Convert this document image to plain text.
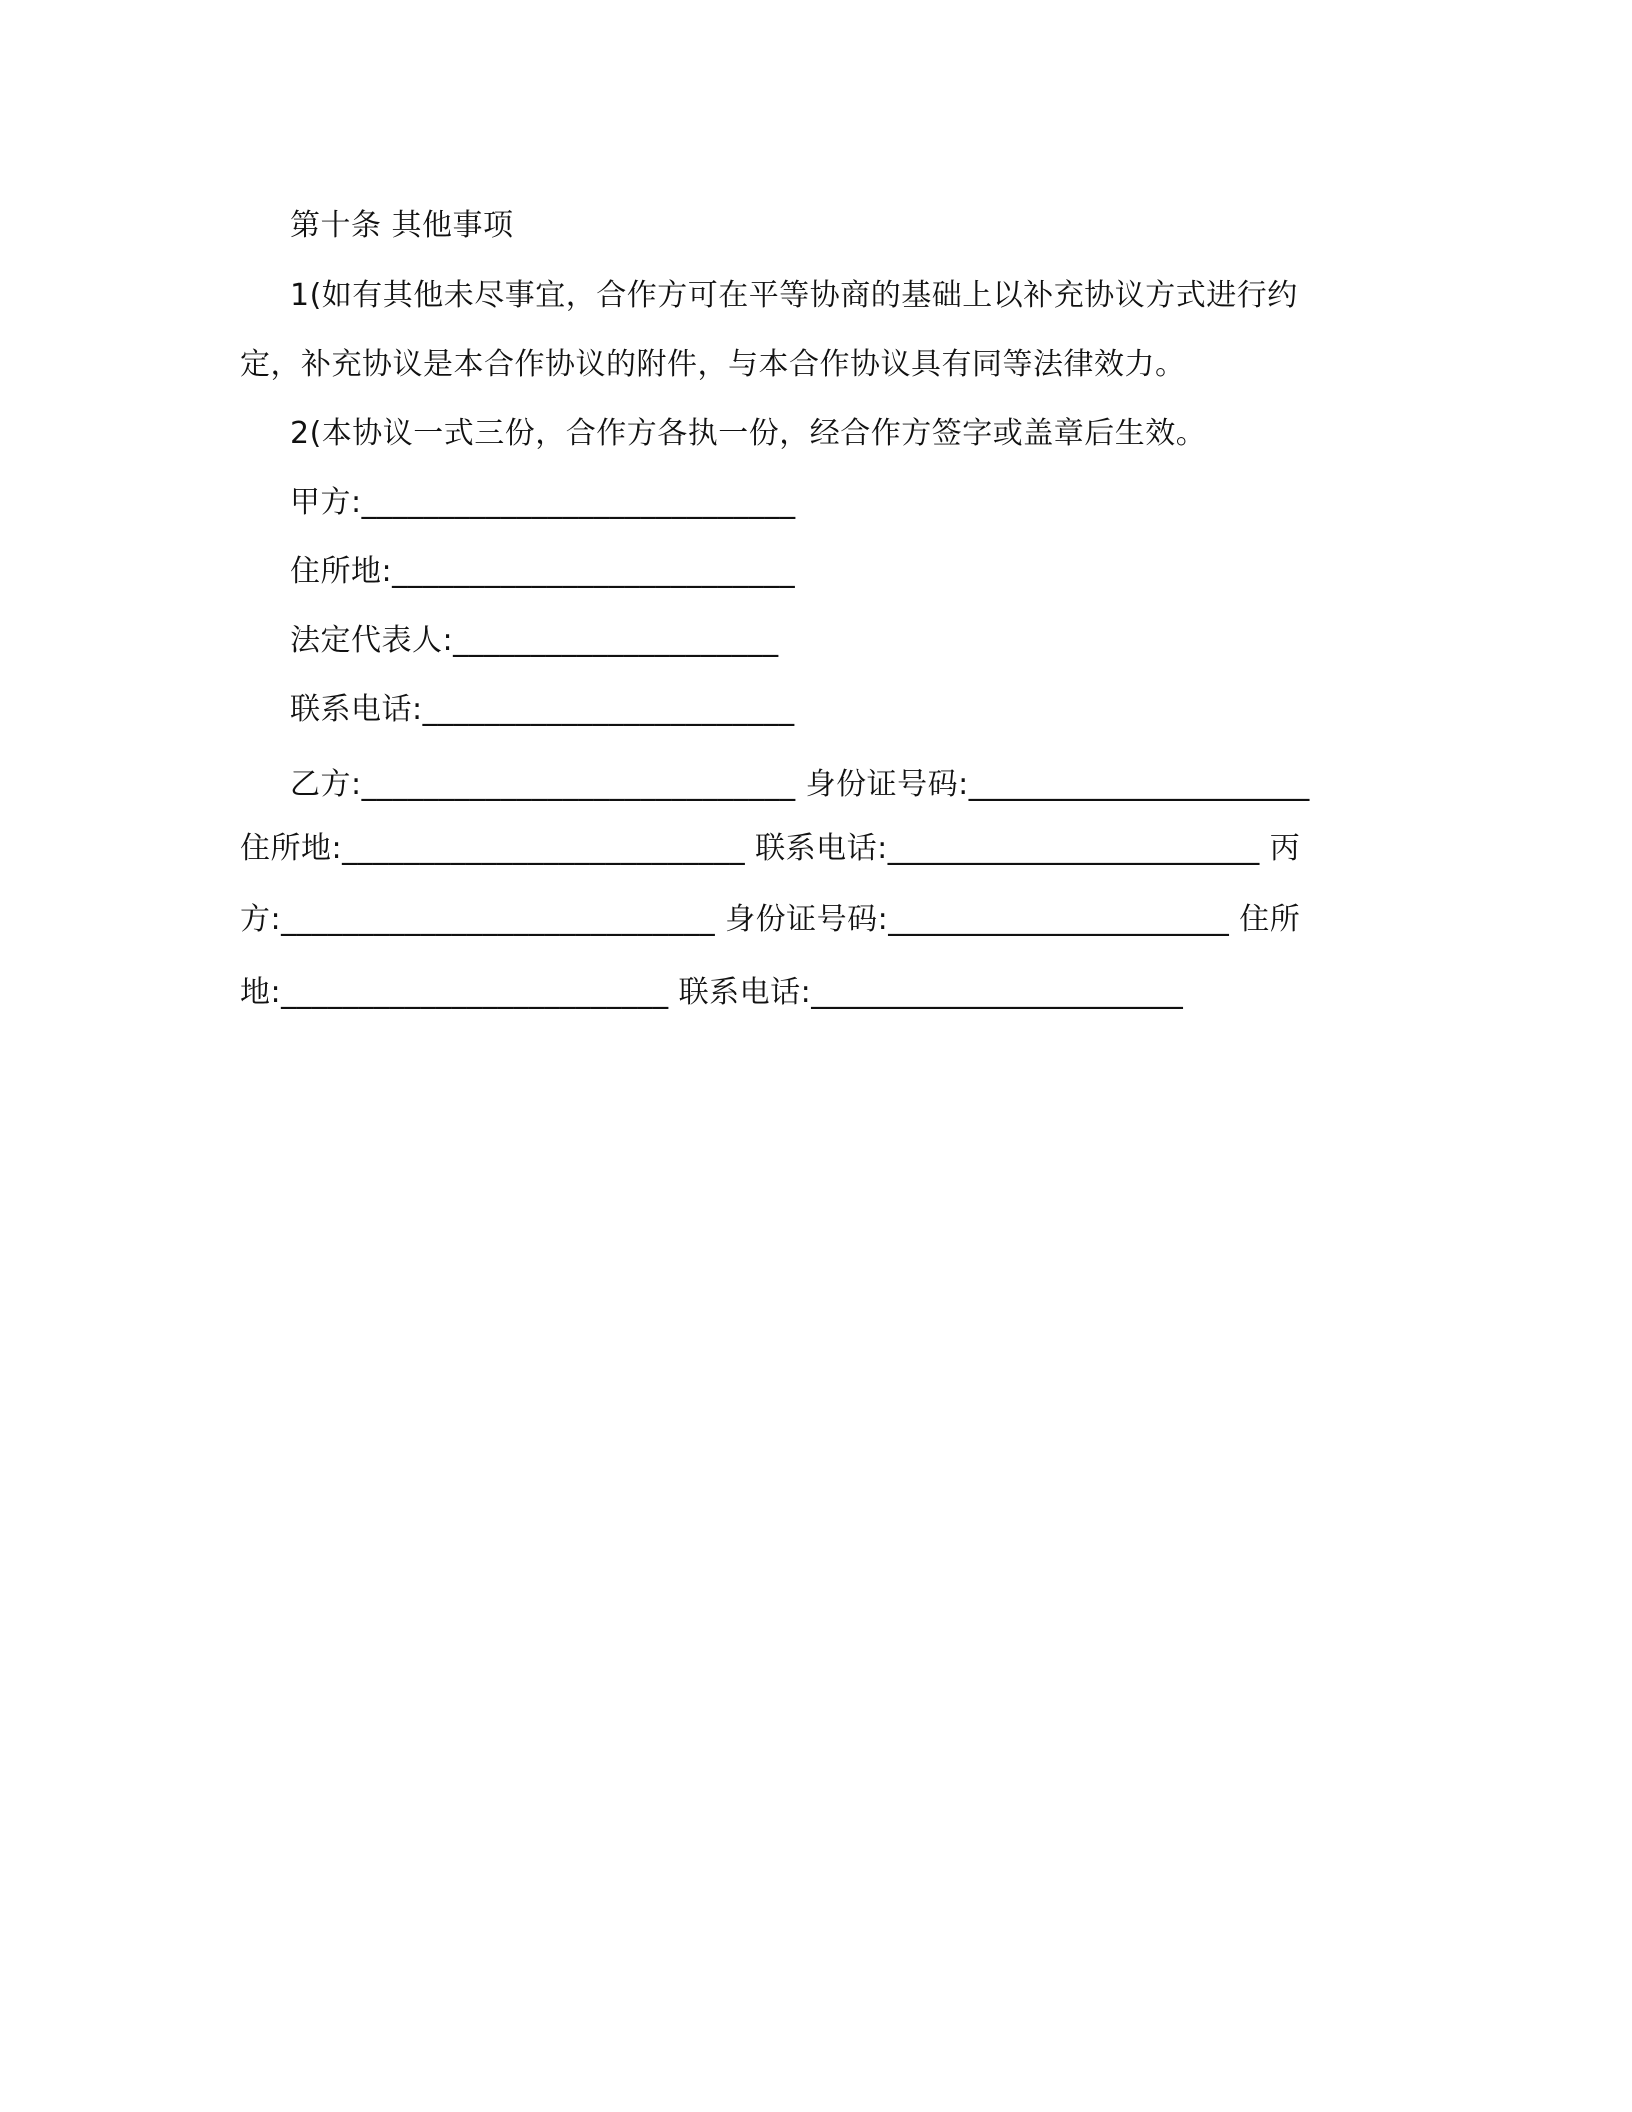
第十条 其他事项
1(如有其他未尽事宜，合作方可在平等协商的基础上以补充协议方式进行约
定，补充协议是本合作协议的附件，与本合作协议具有同等法律效力。
2(本协议一式三份，合作方各执一份，经合作方签字或盖章后生效。
甲方:____________________________
住所地:__________________________
法定代表人:_____________________
联系电话:________________________
乙方:____________________________ 身份证号码:______________________
住所地:__________________________ 联系电话:________________________ 丙
方:____________________________ 身份证号码:______________________ 住所
地:_________________________ 联系电话:________________________
